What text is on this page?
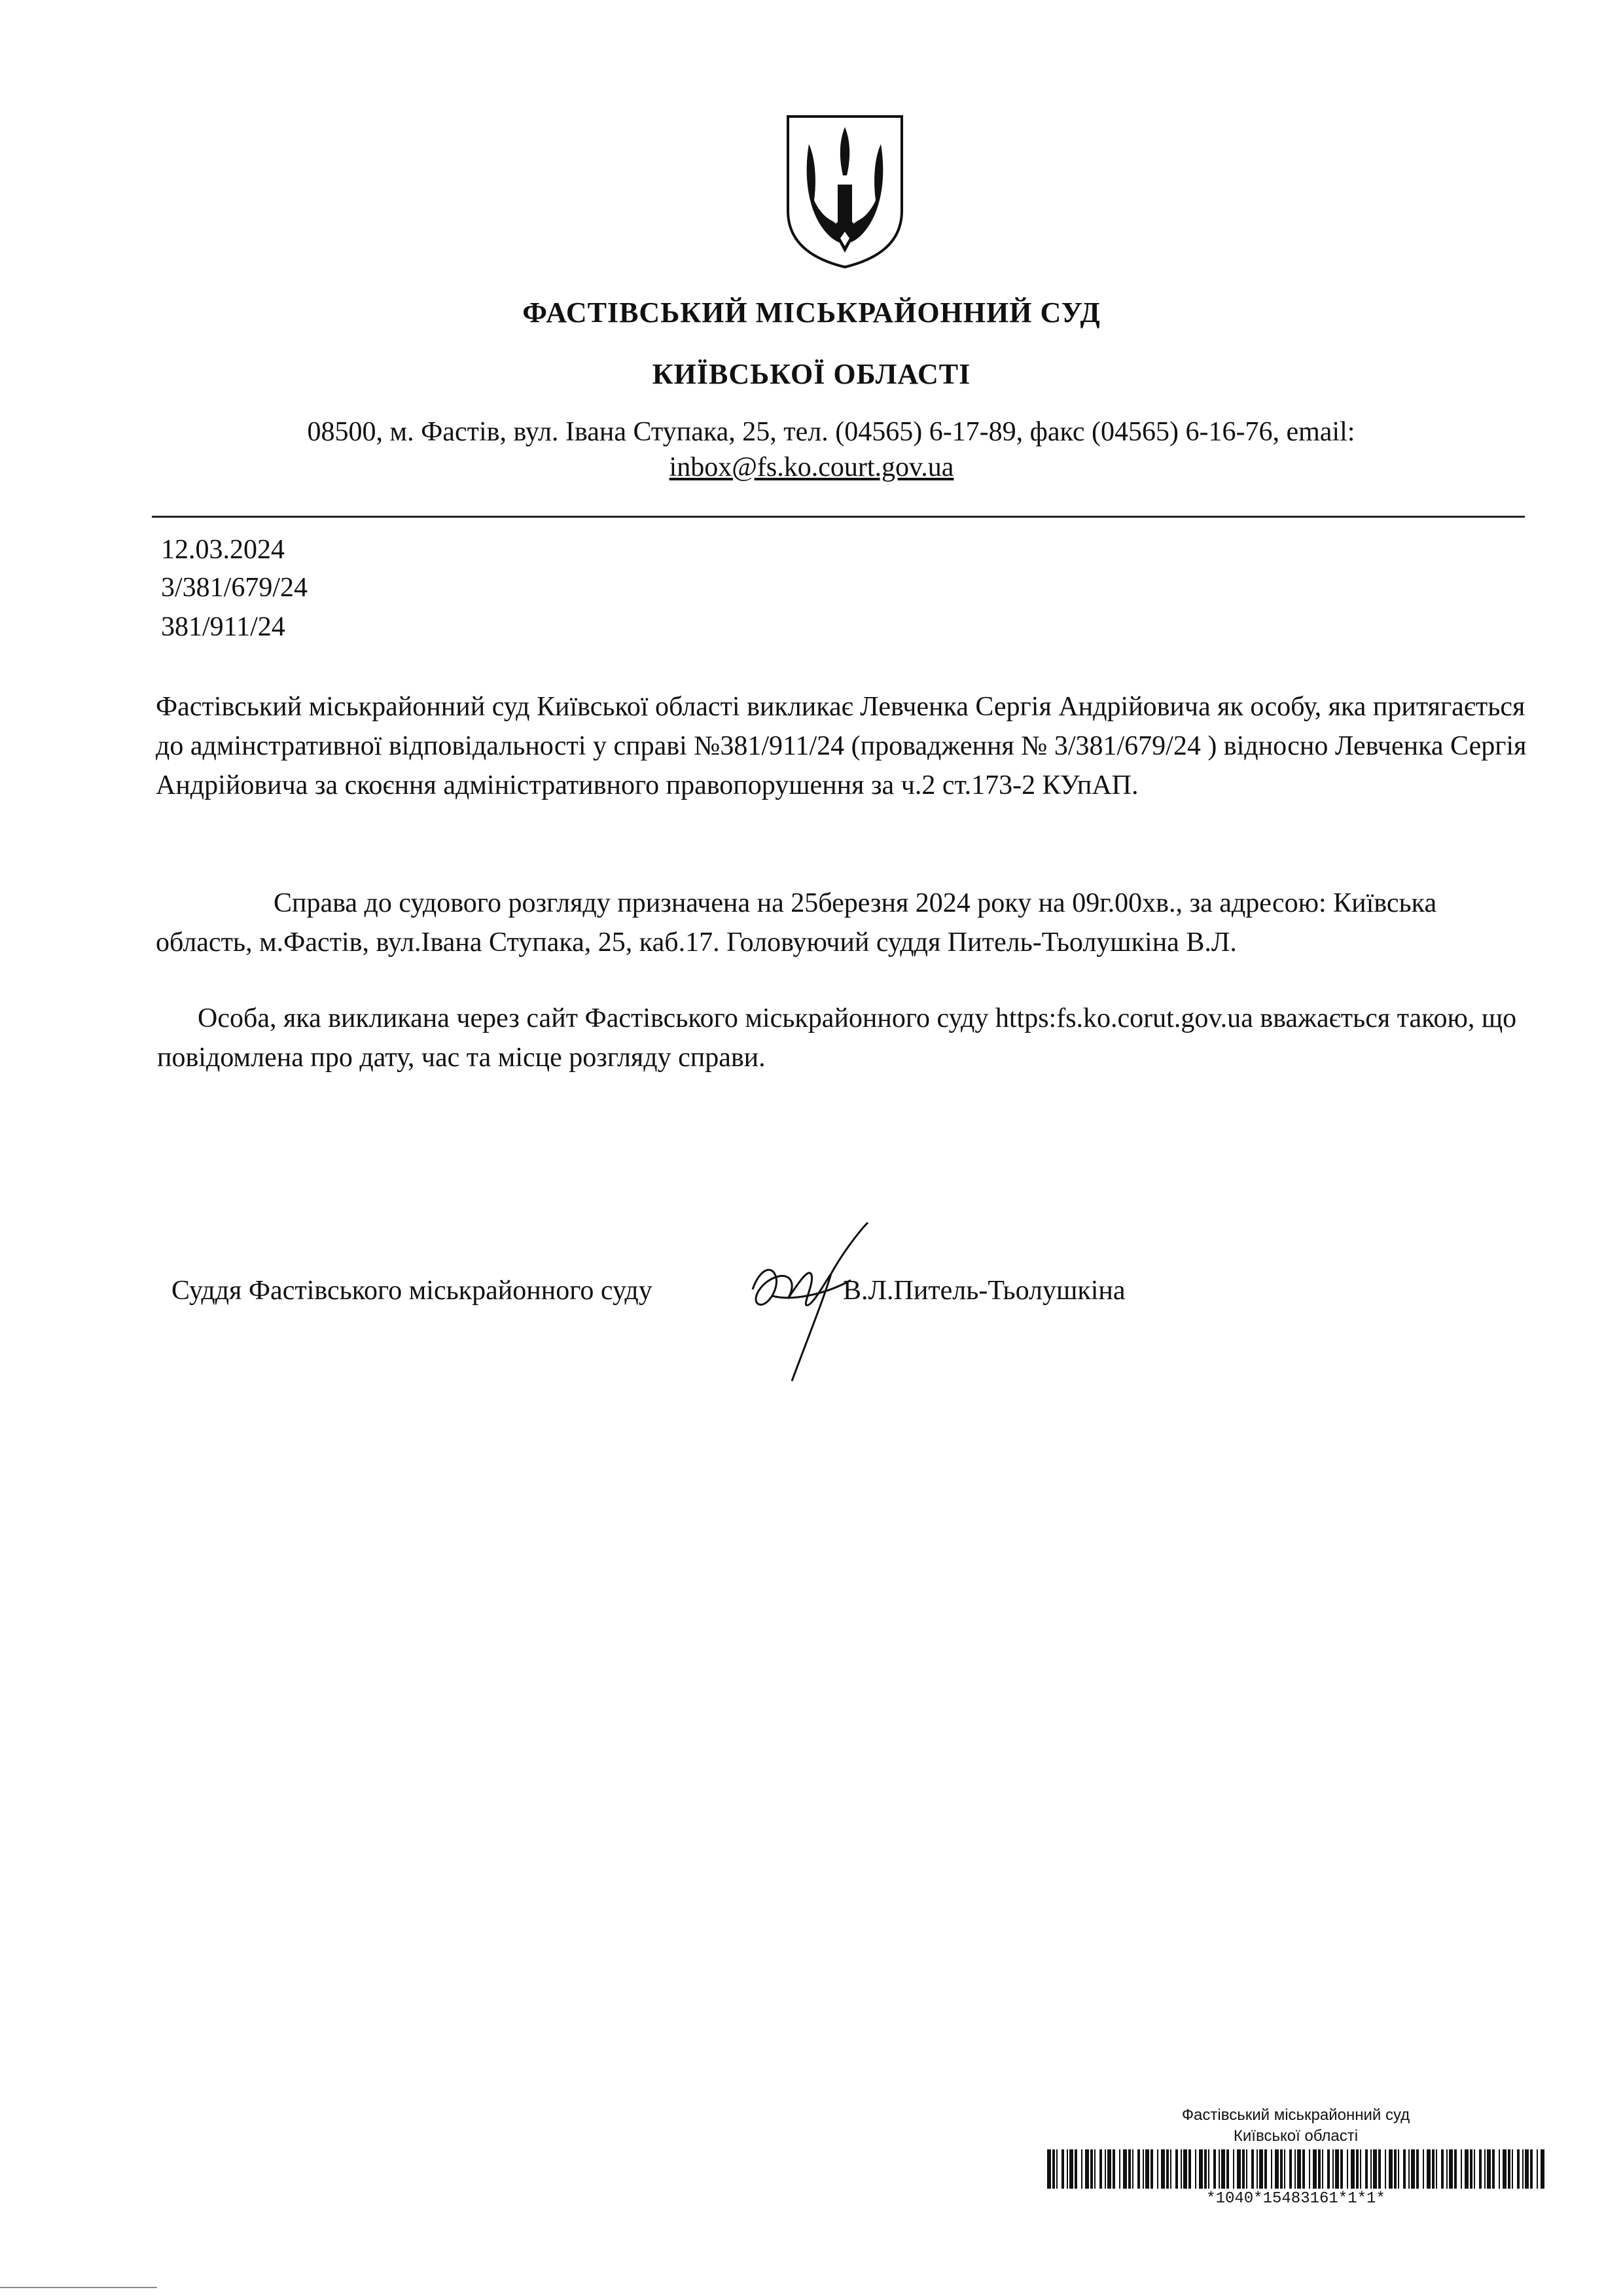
ФАСТІВСЬКИЙ МІСЬКРАЙОННИЙ СУД
КИЇВСЬКОЇ ОБЛАСТІ
08500, м. Фастів, вул. Івана Ступака, 25, тел. (04565) 6-17-89, факс (04565) 6-16-76, email:
inbox@fs.ko.court.gov.ua
12.03.2024
3/381/679/24
381/911/24

Фастівський міськрайонний суд Київської області викликає Левченка Сергія Андрійовича як особу, яка притягається до адмінстративної відповідальності у справі №381/911/24 (провадження № 3/381/679/24 ) відносно Левченка Сергія Андрійовича за скоєння адміністративного правопорушення за ч.2 ст.173-2 КУпАП.

Справа до судового розгляду призначена на 25березня 2024 року на 09г.00хв., за адресою: Київська область, м.Фастів, вул.Івана Ступака, 25, каб.17. Головуючий суддя Питель-Тьолушкіна В.Л.

Особа, яка викликана через сайт Фастівського міськрайонного суду https:fs.ko.corut.gov.ua вважається такою, що повідомлена про дату, час та місце розгляду справи.

Суддя Фастівського міськрайонного суду	В.Л.Питель-Тьолушкіна
Фастівський міськрайонний суд
Київської області
*1040*15483161*1*1*
